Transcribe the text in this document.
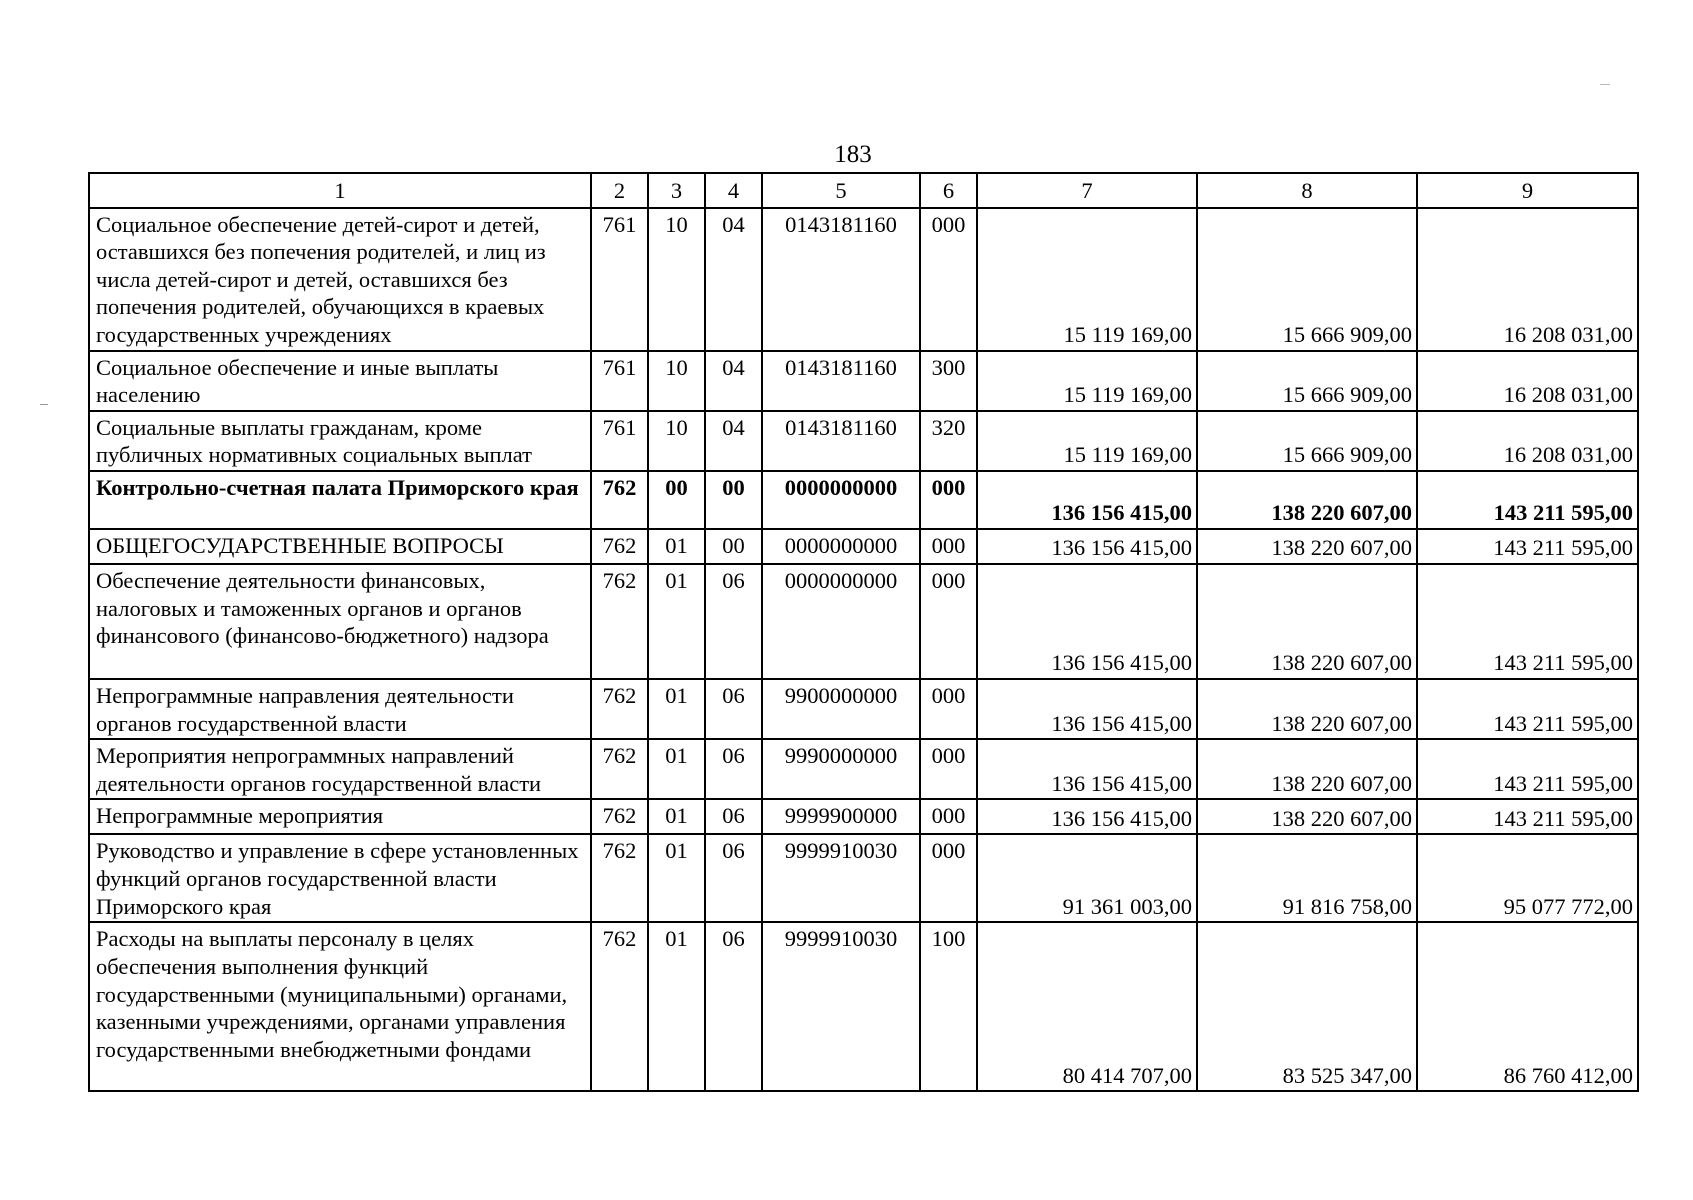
183
1	2	3	4	5	6	7	8	9
Социальное обеспечение детей-сирот и детей, оставшихся без попечения родителей, и лиц из числа детей-сирот и детей, оставшихся без попечения родителей, обучающихся в краевых государственных учреждениях	761	10	04	0143181160	000	15 119 169,00	15 666 909,00	16 208 031,00
Социальное обеспечение и иные выплаты населению	761	10	04	0143181160	300	15 119 169,00	15 666 909,00	16 208 031,00
Социальные выплаты гражданам, кроме публичных нормативных социальных выплат	761	10	04	0143181160	320	15 119 169,00	15 666 909,00	16 208 031,00
Контрольно-счетная палата Приморского края	762	00	00	0000000000	000	136 156 415,00	138 220 607,00	143 211 595,00
ОБЩЕГОСУДАРСТВЕННЫЕ ВОПРОСЫ	762	01	00	0000000000	000	136 156 415,00	138 220 607,00	143 211 595,00
Обеспечение деятельности финансовых, налоговых и таможенных органов и органов финансового (финансово-бюджетного) надзора	762	01	06	0000000000	000	136 156 415,00	138 220 607,00	143 211 595,00
Непрограммные направления деятельности органов государственной власти	762	01	06	9900000000	000	136 156 415,00	138 220 607,00	143 211 595,00
Мероприятия непрограммных направлений деятельности органов государственной власти	762	01	06	9990000000	000	136 156 415,00	138 220 607,00	143 211 595,00
Непрограммные мероприятия	762	01	06	9999900000	000	136 156 415,00	138 220 607,00	143 211 595,00
Руководство и управление в сфере установленных функций органов государственной власти Приморского края	762	01	06	9999910030	000	91 361 003,00	91 816 758,00	95 077 772,00
Расходы на выплаты персоналу в целях обеспечения выполнения функций государственными (муниципальными) органами, казенными учреждениями, органами управления государственными внебюджетными фондами	762	01	06	9999910030	100	80 414 707,00	83 525 347,00	86 760 412,00
